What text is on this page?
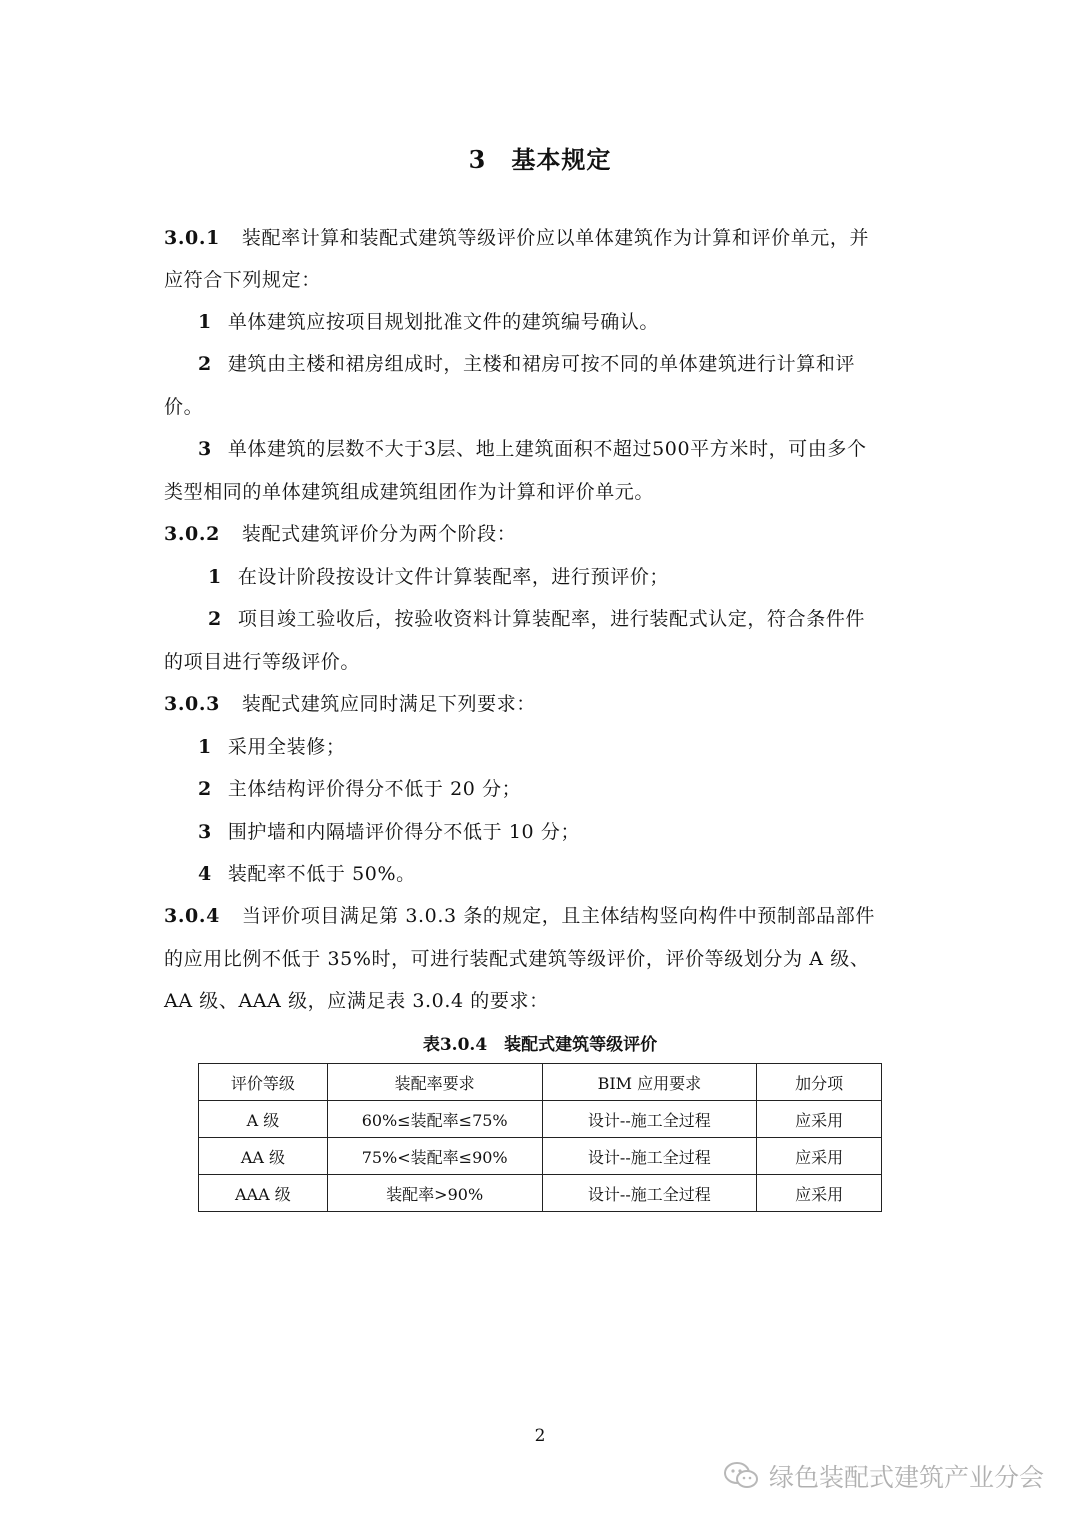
3　基本规定
3.0.1 装配率计算和装配式建筑等级评价应以单体建筑作为计算和评价单元，并
应符合下列规定：
1 单体建筑应按项目规划批准文件的建筑编号确认。
2 建筑由主楼和裙房组成时，主楼和裙房可按不同的单体建筑进行计算和评
价。
3 单体建筑的层数不大于3层、地上建筑面积不超过500平方米时，可由多个
类型相同的单体建筑组成建筑组团作为计算和评价单元。
3.0.2 装配式建筑评价分为两个阶段：
1 在设计阶段按设计文件计算装配率，进行预评价；
2 项目竣工验收后，按验收资料计算装配率，进行装配式认定，符合条件件
的项目进行等级评价。
3.0.3 装配式建筑应同时满足下列要求：
1 采用全装修；
2 主体结构评价得分不低于 20 分；
3 围护墙和内隔墙评价得分不低于 10 分；
4 装配率不低于 50%。
3.0.4 当评价项目满足第 3.0.3 条的规定，且主体结构竖向构件中预制部品部件
的应用比例不低于 35%时，可进行装配式建筑等级评价，评价等级划分为 A 级、
AA 级、AAA 级，应满足表 3.0.4 的要求：
表3.0.4　装配式建筑等级评价
评价等级	装配率要求	BIM 应用要求	加分项
A 级	60%≤装配率≤75%	设计--施工全过程	应采用
AA 级	75%<装配率≤90%	设计--施工全过程	应采用
AAA 级	装配率>90%	设计--施工全过程	应采用
2
绿色装配式建筑产业分会
